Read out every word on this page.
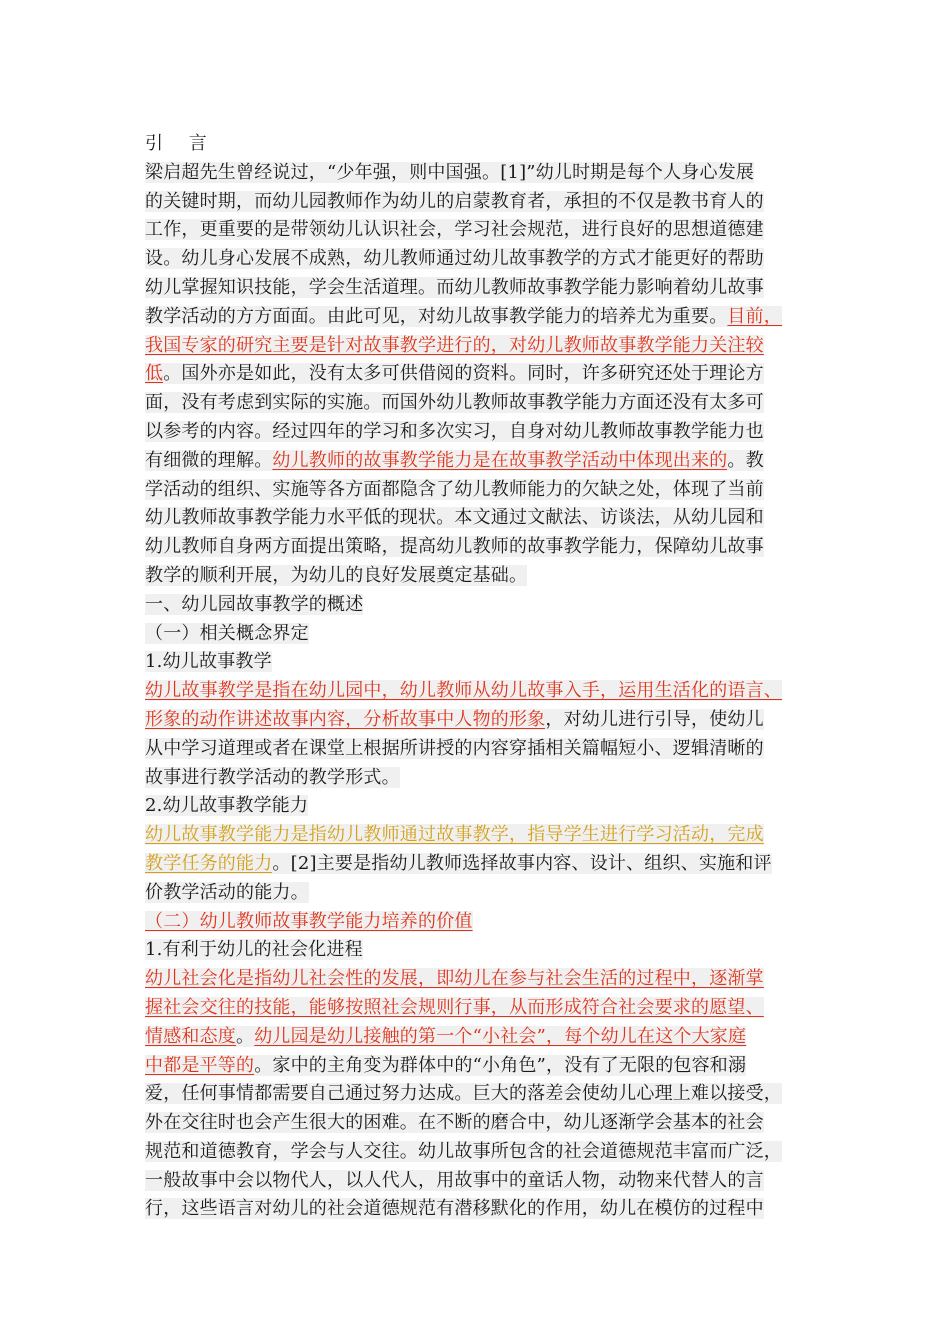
引 言
梁启超先生曾经说过，“少年强，则中国强。[1]”幼儿时期是每个人身心发展
的关键时期，而幼儿园教师作为幼儿的启蒙教育者，承担的不仅是教书育人的
工作，更重要的是带领幼儿认识社会，学习社会规范，进行良好的思想道德建
设。幼儿身心发展不成熟，幼儿教师通过幼儿故事教学的方式才能更好的帮助
幼儿掌握知识技能，学会生活道理。而幼儿教师故事教学能力影响着幼儿故事
教学活动的方方面面。由此可见，对幼儿故事教学能力的培养尤为重要。目前，
我国专家的研究主要是针对故事教学进行的，对幼儿教师故事教学能力关注较
低。国外亦是如此，没有太多可供借阅的资料。同时，许多研究还处于理论方
面，没有考虑到实际的实施。而国外幼儿教师故事教学能力方面还没有太多可
以参考的内容。经过四年的学习和多次实习，自身对幼儿教师故事教学能力也
有细微的理解。幼儿教师的故事教学能力是在故事教学活动中体现出来的。教
学活动的组织、实施等各方面都隐含了幼儿教师能力的欠缺之处，体现了当前
幼儿教师故事教学能力水平低的现状。本文通过文献法、访谈法，从幼儿园和
幼儿教师自身两方面提出策略，提高幼儿教师的故事教学能力，保障幼儿故事
教学的顺利开展，为幼儿的良好发展奠定基础。
一、幼儿园故事教学的概述
（一）相关概念界定
1.幼儿故事教学
幼儿故事教学是指在幼儿园中，幼儿教师从幼儿故事入手，运用生活化的语言、
形象的动作讲述故事内容，分析故事中人物的形象，对幼儿进行引导，使幼儿
从中学习道理或者在课堂上根据所讲授的内容穿插相关篇幅短小、逻辑清晰的
故事进行教学活动的教学形式。
2.幼儿故事教学能力
幼儿故事教学能力是指幼儿教师通过故事教学，指导学生进行学习活动，完成
教学任务的能力。[2]主要是指幼儿教师选择故事内容、设计、组织、实施和评
价教学活动的能力。
（二）幼儿教师故事教学能力培养的价值
1.有利于幼儿的社会化进程
幼儿社会化是指幼儿社会性的发展，即幼儿在参与社会生活的过程中，逐渐掌
握社会交往的技能，能够按照社会规则行事，从而形成符合社会要求的愿望、
情感和态度。幼儿园是幼儿接触的第一个“小社会”，每个幼儿在这个大家庭
中都是平等的。家中的主角变为群体中的“小角色”，没有了无限的包容和溺
爱，任何事情都需要自己通过努力达成。巨大的落差会使幼儿心理上难以接受，
外在交往时也会产生很大的困难。在不断的磨合中，幼儿逐渐学会基本的社会
规范和道德教育，学会与人交往。幼儿故事所包含的社会道德规范丰富而广泛，
一般故事中会以物代人，以人代人，用故事中的童话人物，动物来代替人的言
行，这些语言对幼儿的社会道德规范有潜移默化的作用，幼儿在模仿的过程中
